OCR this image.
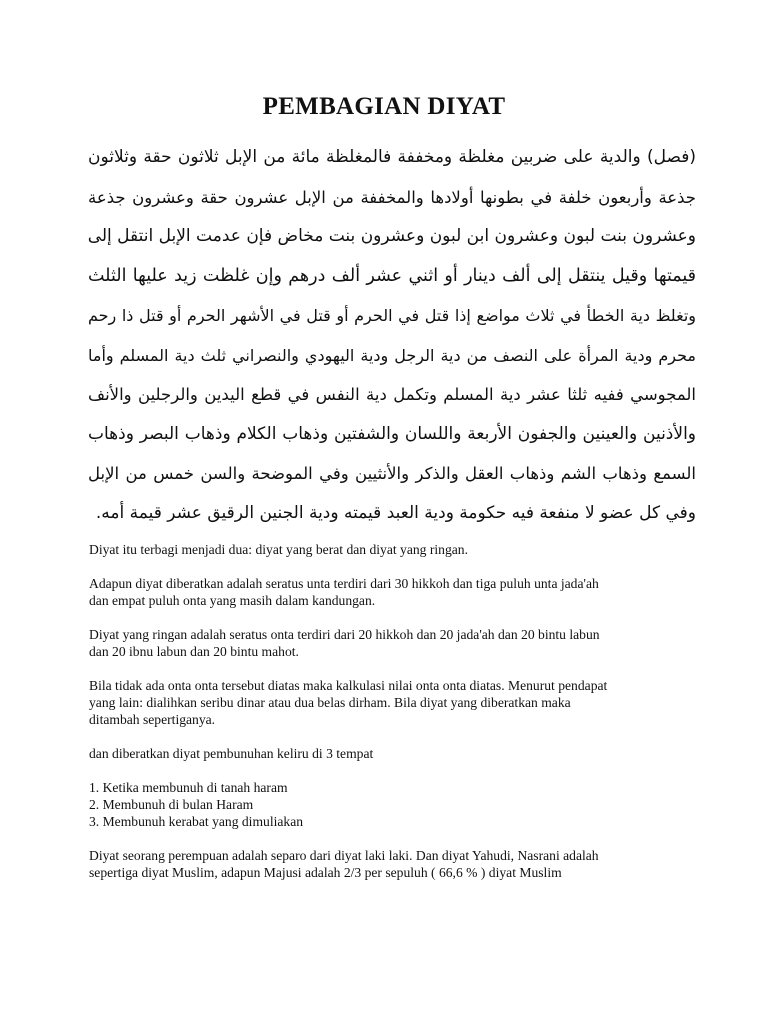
PEMBAGIAN DIYAT
(فصل) والدية على ضربين مغلظة ومخففة فالمغلظة مائة من الإبل ثلاثون حقة وثلاثون
جذعة وأربعون خلفة في بطونها أولادها والمخففة من الإبل عشرون حقة وعشرون جذعة
وعشرون بنت لبون وعشرون ابن لبون وعشرون بنت مخاض فإن عدمت الإبل انتقل إلى
قيمتها وقيل ينتقل إلى ألف دينار أو اثني عشر ألف درهم وإن غلظت زيد عليها الثلث
وتغلظ دية الخطأ في ثلاث مواضع إذا قتل في الحرم أو قتل في الأشهر الحرم أو قتل ذا رحم
محرم ودية المرأة على النصف من دية الرجل ودية اليهودي والنصراني ثلث دية المسلم وأما
المجوسي ففيه ثلثا عشر دية المسلم وتكمل دية النفس في قطع اليدين والرجلين والأنف
والأذنين والعينين والجفون الأربعة واللسان والشفتين وذهاب الكلام وذهاب البصر وذهاب
السمع وذهاب الشم وذهاب العقل والذكر والأنثيين وفي الموضحة والسن خمس من الإبل
وفي كل عضو لا منفعة فيه حكومة ودية العبد قيمته ودية الجنين الرقيق عشر قيمة أمه.

Diyat itu terbagi menjadi dua: diyat yang berat dan diyat yang ringan.

Adapun diyat diberatkan adalah seratus unta terdiri dari 30 hikkoh dan tiga puluh unta jada'ah
dan empat puluh onta yang masih dalam kandungan.

Diyat yang ringan adalah seratus onta terdiri dari 20 hikkoh dan 20 jada'ah dan 20 bintu labun
dan 20 ibnu labun dan 20 bintu mahot.

Bila tidak ada onta onta tersebut diatas maka kalkulasi nilai onta onta diatas. Menurut pendapat
yang lain: dialihkan seribu dinar atau dua belas dirham. Bila diyat yang diberatkan maka
ditambah sepertiganya.

dan diberatkan diyat pembunuhan keliru di 3 tempat

1. Ketika membunuh di tanah haram
2. Membunuh di bulan Haram
3. Membunuh kerabat yang dimuliakan

Diyat seorang perempuan adalah separo dari diyat laki laki. Dan diyat Yahudi, Nasrani adalah
sepertiga diyat Muslim, adapun Majusi adalah 2/3 per sepuluh ( 66,6 % ) diyat Muslim
